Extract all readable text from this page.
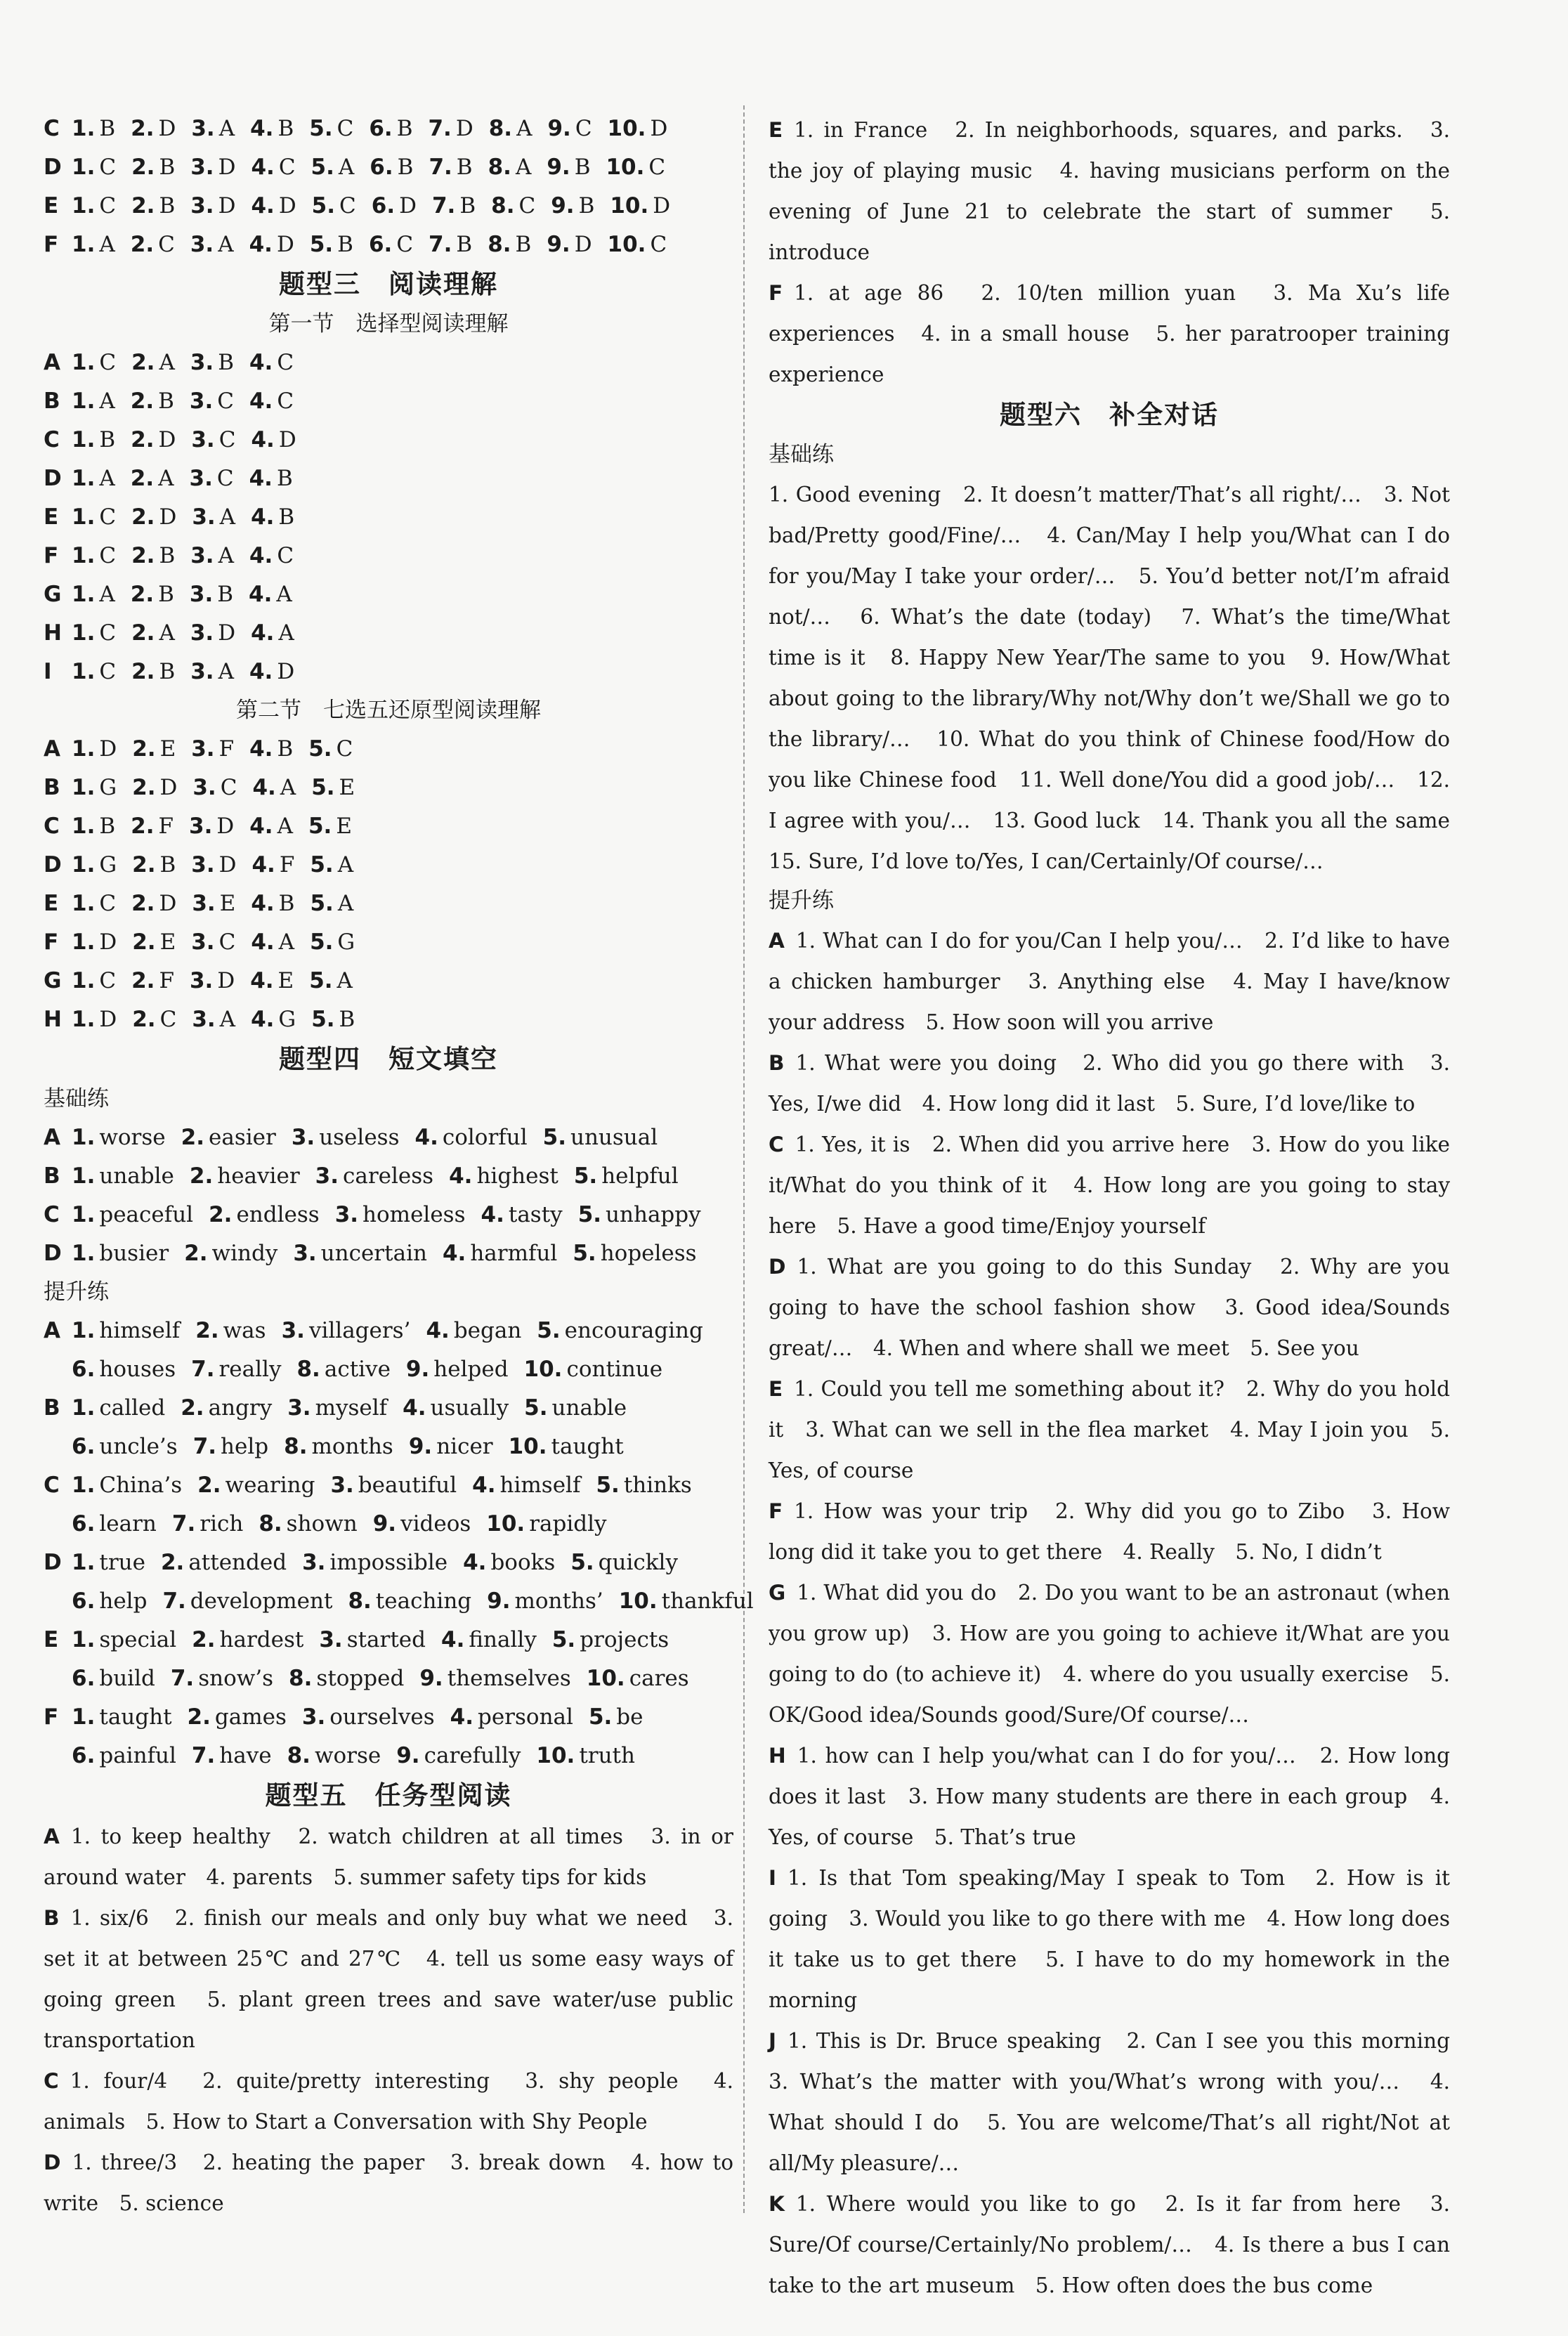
C 1. B 2. D 3. A 4. B 5. C 6. B 7. D 8. A 9. C 10. D
D 1. C 2. B 3. D 4. C 5. A 6. B 7. B 8. A 9. B 10. C
E 1. C 2. B 3. D 4. D 5. C 6. D 7. B 8. C 9. B 10. D
F 1. A 2. C 3. A 4. D 5. B 6. C 7. B 8. B 9. D 10. C
题型三　阅读理解
第一节　选择型阅读理解
A 1. C 2. A 3. B 4. C
B 1. A 2. B 3. C 4. C
C 1. B 2. D 3. C 4. D
D 1. A 2. A 3. C 4. B
E 1. C 2. D 3. A 4. B
F 1. C 2. B 3. A 4. C
G 1. A 2. B 3. B 4. A
H 1. C 2. A 3. D 4. A
I 1. C 2. B 3. A 4. D
第二节　七选五还原型阅读理解
A 1. D 2. E 3. F 4. B 5. C
B 1. G 2. D 3. C 4. A 5. E
C 1. B 2. F 3. D 4. A 5. E
D 1. G 2. B 3. D 4. F 5. A
E 1. C 2. D 3. E 4. B 5. A
F 1. D 2. E 3. C 4. A 5. G
G 1. C 2. F 3. D 4. E 5. A
H 1. D 2. C 3. A 4. G 5. B
题型四　短文填空
基础练
A 1. worse 2. easier 3. useless 4. colorful 5. unusual
B 1. unable 2. heavier 3. careless 4. highest 5. helpful
C 1. peaceful 2. endless 3. homeless 4. tasty 5. unhappy
D 1. busier 2. windy 3. uncertain 4. harmful 5. hopeless
提升练
A 1. himself 2. was 3. villagers’ 4. began 5. encouraging
6. houses 7. really 8. active 9. helped 10. continue
B 1. called 2. angry 3. myself 4. usually 5. unable
6. uncle’s 7. help 8. months 9. nicer 10. taught
C 1. China’s 2. wearing 3. beautiful 4. himself 5. thinks
6. learn 7. rich 8. shown 9. videos 10. rapidly
D 1. true 2. attended 3. impossible 4. books 5. quickly
6. help 7. development 8. teaching 9. months’ 10. thankful
E 1. special 2. hardest 3. started 4. finally 5. projects
6. build 7. snow’s 8. stopped 9. themselves 10. cares
F 1. taught 2. games 3. ourselves 4. personal 5. be
6. painful 7. have 8. worse 9. carefully 10. truth
题型五　任务型阅读
A 1. to keep healthy　2. watch children at all times　3. in or around water　4. parents　5. summer safety tips for kids
B 1. six/6　2. finish our meals and only buy what we need　3. set it at between 25℃ and 27℃　4. tell us some easy ways of going green　5. plant green trees and save water/use public transportation
C 1. four/4　2. quite/pretty interesting　3. shy people　4. animals　5. How to Start a Conversation with Shy People
D 1. three/3　2. heating the paper　3. break down　4. how to write　5. science
E 1. in France　2. In neighborhoods, squares, and parks.　3. the joy of playing music　4. having musicians perform on the evening of June 21 to celebrate the start of summer　5. introduce
F 1. at age 86　2. 10/ten million yuan　3. Ma Xu’s life experiences　4. in a small house　5. her paratrooper training experience
题型六　补全对话
基础练
1. Good evening　2. It doesn’t matter/That’s all right/…　3. Not bad/Pretty good/Fine/…　4. Can/May I help you/What can I do for you/May I take your order/…　5. You’d better not/I’m afraid not/…　6. What’s the date (today)　7. What’s the time/What time is it　8. Happy New Year/The same to you　9. How/What about going to the library/Why not/Why don’t we/Shall we go to the library/…　10. What do you think of Chinese food/How do you like Chinese food　11. Well done/You did a good job/…　12. I agree with you/…　13. Good luck　14. Thank you all the same　15. Sure, I’d love to/Yes, I can/Certainly/Of course/…
提升练
A 1. What can I do for you/Can I help you/…　2. I’d like to have a chicken hamburger　3. Anything else　4. May I have/know your address　5. How soon will you arrive
B 1. What were you doing　2. Who did you go there with　3. Yes, I/we did　4. How long did it last　5. Sure, I’d love/like to
C 1. Yes, it is　2. When did you arrive here　3. How do you like it/What do you think of it　4. How long are you going to stay here　5. Have a good time/Enjoy yourself
D 1. What are you going to do this Sunday　2. Why are you going to have the school fashion show　3. Good idea/Sounds great/…　4. When and where shall we meet　5. See you
E 1. Could you tell me something about it?　2. Why do you hold it　3. What can we sell in the flea market　4. May I join you　5. Yes, of course
F 1. How was your trip　2. Why did you go to Zibo　3. How long did it take you to get there　4. Really　5. No, I didn’t
G 1. What did you do　2. Do you want to be an astronaut (when you grow up)　3. How are you going to achieve it/What are you going to do (to achieve it)　4. where do you usually exercise　5. OK/Good idea/Sounds good/Sure/Of course/…
H 1. how can I help you/what can I do for you/…　2. How long does it last　3. How many students are there in each group　4. Yes, of course　5. That’s true
I 1. Is that Tom speaking/May I speak to Tom　2. How is it going　3. Would you like to go there with me　4. How long does it take us to get there　5. I have to do my homework in the morning
J 1. This is Dr. Bruce speaking　2. Can I see you this morning　3. What’s the matter with you/What’s wrong with you/…　4. What should I do　5. You are welcome/That’s all right/Not at all/My pleasure/…
K 1. Where would you like to go　2. Is it far from here　3. Sure/Of course/Certainly/No problem/…　4. Is there a bus I can take to the art museum　5. How often does the bus come
